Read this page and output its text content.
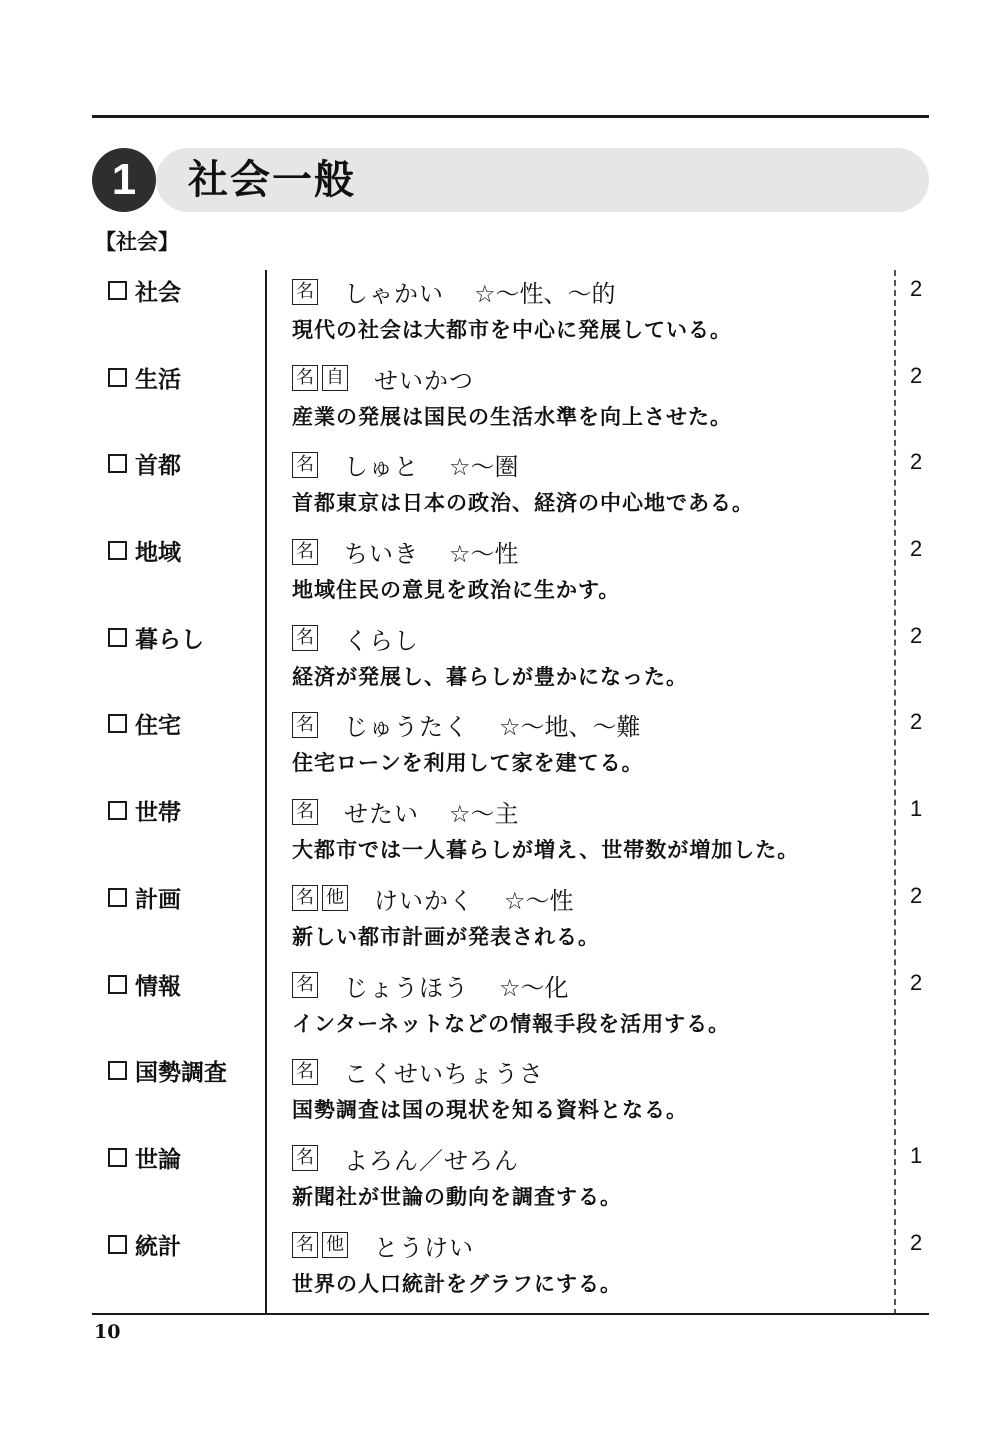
1	社会一般
【社会】
社会	名 しゃかい ☆〜性、〜的
現代の社会は大都市を中心に発展している。
2
生活	名 自 せいかつ
産業の発展は国民の生活水準を向上させた。
2
首都	名 しゅと ☆〜圏
首都東京は日本の政治、経済の中心地である。
2
地域	名 ちいき ☆〜性
地域住民の意見を政治に生かす。
2
暮らし	名 くらし
経済が発展し、暮らしが豊かになった。
2
住宅	名 じゅうたく ☆〜地、〜難
住宅ローンを利用して家を建てる。
2
世帯	名 せたい ☆〜主
大都市では一人暮らしが増え、世帯数が増加した。
1
計画	名 他 けいかく ☆〜性
新しい都市計画が発表される。
2
情報	名 じょうほう ☆〜化
インターネットなどの情報手段を活用する。
2
国勢調査	名 こくせいちょうさ
国勢調査は国の現状を知る資料となる。
世論	名 よろん／せろん
新聞社が世論の動向を調査する。
1
統計	名 他 とうけい
世界の人口統計をグラフにする。
2
10
